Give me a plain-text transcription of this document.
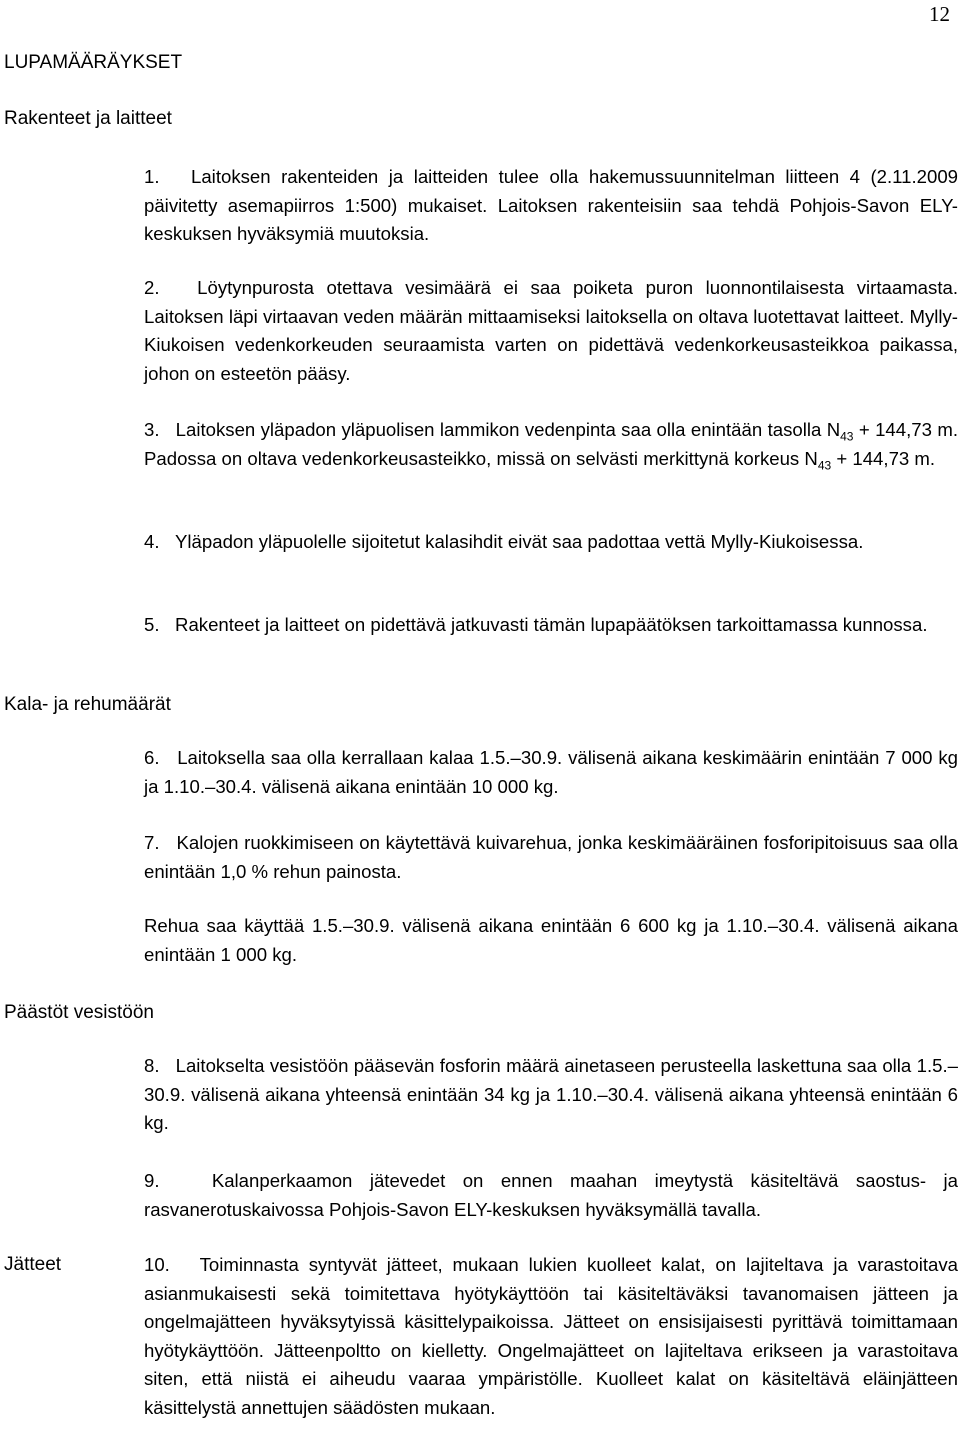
12
LUPAMÄÄRÄYKSET
Rakenteet ja laitteet
Kala- ja rehumäärät
Päästöt vesistöön
Jätteet
1. Laitoksen rakenteiden ja laitteiden tulee olla hakemussuunnitelman liitteen 4 (2.11.2009 päivitetty asemapiirros 1:500) mukaiset. Laitoksen rakenteisiin saa tehdä Pohjois-Savon ELY-keskuksen hyväksymiä muutoksia.
2. Löytynpurosta otettava vesimäärä ei saa poiketa puron luonnontilaisesta virtaamasta. Laitoksen läpi virtaavan veden määrän mittaamiseksi laitoksella on oltava luotettavat laitteet. Mylly-Kiukoisen vedenkorkeuden seuraamista varten on pidettävä vedenkorkeusasteikkoa paikassa, johon on esteetön pääsy.
3. Laitoksen yläpadon yläpuolisen lammikon vedenpinta saa olla enintään tasolla $N_{43} + 144,73$ m. Padossa on oltava vedenkorkeusasteikko, missä on selvästi merkittynä korkeus $N_{43} + 144,73$ m.
4. Yläpadon yläpuolelle sijoitetut kalasihdit eivät saa padottaa vettä Mylly-Kiukoisessa.
5. Rakenteet ja laitteet on pidettävä jatkuvasti tämän lupapäätöksen tarkoittamassa kunnossa.
6. Laitoksella saa olla kerrallaan kalaa 1.5.–30.9. välisenä aikana keskimäärin enintään 7 000 kg ja 1.10.–30.4. välisenä aikana enintään 10 000 kg.
7. Kalojen ruokkimiseen on käytettävä kuivarehua, jonka keskimääräinen fosforipitoisuus saa olla enintään 1,0 % rehun painosta.
Rehua saa käyttää 1.5.–30.9. välisenä aikana enintään 6 600 kg ja 1.10.–30.4. välisenä aikana enintään 1 000 kg.
8. Laitokselta vesistöön pääsevän fosforin määrä ainetaseen perusteella laskettuna saa olla 1.5.–30.9. välisenä aikana yhteensä enintään 34 kg ja 1.10.–30.4. välisenä aikana yhteensä enintään 6 kg.
9.	Kalanperkaamon jätevedet on ennen maahan imeytystä käsiteltävä saostus- ja rasvanerotuskaivossa Pohjois-Savon ELY-keskuksen hyväksymällä tavalla.
10. Toiminnasta syntyvät jätteet, mukaan lukien kuolleet kalat, on lajiteltava ja varastoitava asianmukaisesti sekä toimitettava hyötykäyttöön tai käsiteltäväksi tavanomaisen jätteen ja ongelmajätteen hyväksytyissä käsittelypaikoissa. Jätteet on ensisijaisesti pyrittävä toimittamaan hyötykäyttöön. Jätteenpoltto on kielletty. Ongelmajätteet on lajiteltava erikseen ja varastoitava siten, että niistä ei aiheudu vaaraa ympäristölle. Kuolleet kalat on käsiteltävä eläinjätteen käsittelystä annettujen säädösten mukaan.
